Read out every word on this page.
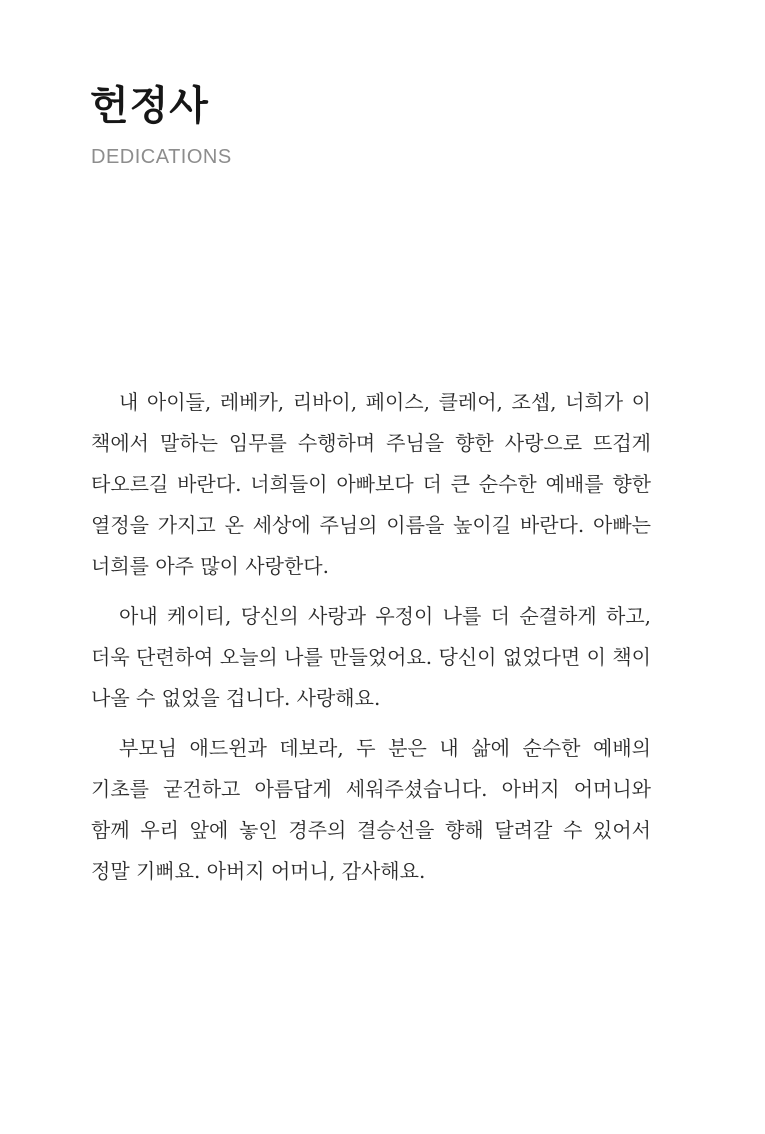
헌정사
DEDICATIONS

내 아이들, 레베카, 리바이, 페이스, 클레어, 조셉, 너희가 이 책에서 말하는 임무를 수행하며 주님을 향한 사랑으로 뜨겁게 타오르길 바란다. 너희들이 아빠보다 더 큰 순수한 예배를 향한 열정을 가지고 온 세상에 주님의 이름을 높이길 바란다. 아빠는 너희를 아주 많이 사랑한다.

아내 케이티, 당신의 사랑과 우정이 나를 더 순결하게 하고, 더욱 단련하여 오늘의 나를 만들었어요. 당신이 없었다면 이 책이 나올 수 없었을 겁니다. 사랑해요.

부모님 애드윈과 데보라, 두 분은 내 삶에 순수한 예배의 기초를 굳건하고 아름답게 세워주셨습니다. 아버지 어머니와 함께 우리 앞에 놓인 경주의 결승선을 향해 달려갈 수 있어서 정말 기뻐요. 아버지 어머니, 감사해요.
